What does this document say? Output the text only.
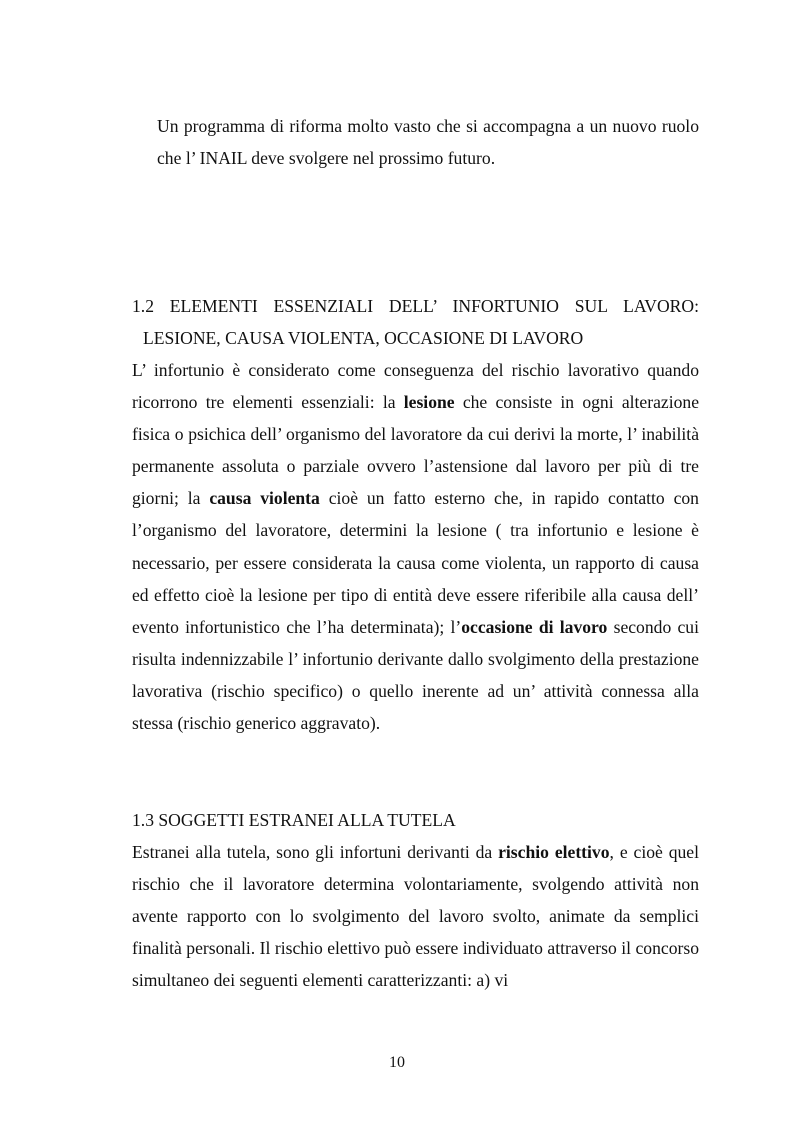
Un programma di riforma molto vasto che si accompagna a un nuovo ruolo che l’ INAIL deve svolgere nel prossimo futuro.

1.2 ELEMENTI ESSENZIALI DELL’ INFORTUNIO SUL LAVORO:
LESIONE, CAUSA VIOLENTA, OCCASIONE DI LAVORO

L’ infortunio è considerato come conseguenza del rischio lavorativo quando ricorrono tre elementi essenziali: la lesione che consiste in ogni alterazione fisica o psichica dell’ organismo del lavoratore da cui derivi la morte, l’ inabilità permanente assoluta o parziale ovvero l’astensione dal lavoro per più di tre giorni; la causa violenta cioè un fatto esterno che, in rapido contatto con l’organismo del lavoratore, determini la lesione ( tra infortunio e lesione è necessario, per essere considerata la causa come violenta, un rapporto di causa ed effetto cioè la lesione per tipo di entità deve essere riferibile alla causa dell’ evento infortunistico che l’ha determinata); l’occasione di lavoro secondo cui risulta indennizzabile l’ infortunio derivante dallo svolgimento della prestazione lavorativa (rischio specifico) o quello inerente ad un’ attività connessa alla stessa (rischio generico aggravato).

1.3 SOGGETTI ESTRANEI ALLA TUTELA

Estranei alla tutela, sono gli infortuni derivanti da rischio elettivo, e cioè quel rischio che il lavoratore determina volontariamente, svolgendo attività non avente rapporto con lo svolgimento del lavoro svolto, animate da semplici finalità personali. Il rischio elettivo può essere individuato attraverso il concorso simultaneo dei seguenti elementi caratterizzanti: a) vi

10
